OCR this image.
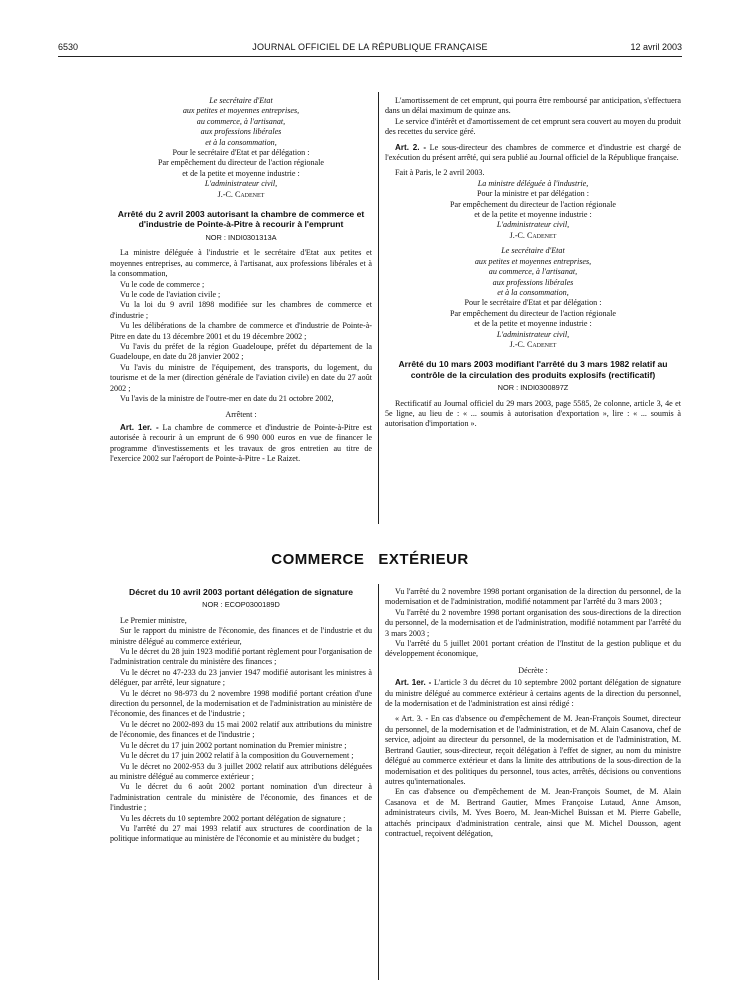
6530	JOURNAL OFFICIEL DE LA RÉPUBLIQUE FRANÇAISE	12 avril 2003

Le secrétaire d'Etat

aux petites et moyennes entreprises,

au commerce, à l'artisanat,

aux professions libérales

et à la consommation,

Pour le secrétaire d'Etat et par délégation :

Par empêchement du directeur de l'action régionale

et de la petite et moyenne industrie :

L'administrateur civil,

J.-C. Cadenet

Arrêté du 2 avril 2003 autorisant la chambre de commerce et d'industrie de Pointe-à-Pitre à recourir à l'emprunt
NOR : INDI0301313A

La ministre déléguée à l'industrie et le secrétaire d'Etat aux petites et moyennes entreprises, au commerce, à l'artisanat, aux professions libérales et à la consommation,

Vu le code de commerce ;

Vu le code de l'aviation civile ;

Vu la loi du 9 avril 1898 modifiée sur les chambres de commerce et d'industrie ;

Vu les délibérations de la chambre de commerce et d'industrie de Pointe-à-Pitre en date du 13 décembre 2001 et du 19 décembre 2002 ;

Vu l'avis du préfet de la région Guadeloupe, préfet du département de la Guadeloupe, en date du 28 janvier 2002 ;

Vu l'avis du ministre de l'équipement, des transports, du logement, du tourisme et de la mer (direction générale de l'aviation civile) en date du 27 août 2002 ;

Vu l'avis de la ministre de l'outre-mer en date du 21 octobre 2002,

Arrêtent :

Art. 1er. - La chambre de commerce et d'industrie de Pointe-à-Pitre est autorisée à recourir à un emprunt de 6 990 000 euros en vue de financer le programme d'investissements et les travaux de gros entretien au titre de l'exercice 2002 sur l'aéroport de Pointe-à-Pitre - Le Raizet.

L'amortissement de cet emprunt, qui pourra être remboursé par anticipation, s'effectuera dans un délai maximum de quinze ans.

Le service d'intérêt et d'amortissement de cet emprunt sera couvert au moyen du produit des recettes du service géré.

Art. 2. - Le sous-directeur des chambres de commerce et d'industrie est chargé de l'exécution du présent arrêté, qui sera publié au Journal officiel de la République française.

Fait à Paris, le 2 avril 2003.

La ministre déléguée à l'industrie,

Pour la ministre et par délégation :

Par empêchement du directeur de l'action régionale

et de la petite et moyenne industrie :

L'administrateur civil,

J.-C. Cadenet

Le secrétaire d'Etat

aux petites et moyennes entreprises,

au commerce, à l'artisanat,

aux professions libérales

et à la consommation,

Pour le secrétaire d'Etat et par délégation :

Par empêchement du directeur de l'action régionale

et de la petite et moyenne industrie :

L'administrateur civil,

J.-C. Cadenet

Arrêté du 10 mars 2003 modifiant l'arrêté du 3 mars 1982 relatif au contrôle de la circulation des produits explosifs (rectificatif)
NOR : INDI0300897Z

Rectificatif au Journal officiel du 29 mars 2003, page 5585, 2e colonne, article 3, 4e et 5e ligne, au lieu de : « ... soumis à autorisation d'exportation », lire : « ... soumis à autorisation d'importation ».

COMMERCE EXTÉRIEUR
Décret du 10 avril 2003 portant délégation de signature
NOR : ECOP0300189D

Le Premier ministre,

Sur le rapport du ministre de l'économie, des finances et de l'industrie et du ministre délégué au commerce extérieur,

Vu le décret du 28 juin 1923 modifié portant règlement pour l'organisation de l'administration centrale du ministère des finances ;

Vu le décret no 47-233 du 23 janvier 1947 modifié autorisant les ministres à déléguer, par arrêté, leur signature ;

Vu le décret no 98-973 du 2 novembre 1998 modifié portant création d'une direction du personnel, de la modernisation et de l'administration au ministère de l'économie, des finances et de l'industrie ;

Vu le décret no 2002-893 du 15 mai 2002 relatif aux attributions du ministre de l'économie, des finances et de l'industrie ;

Vu le décret du 17 juin 2002 portant nomination du Premier ministre ;

Vu le décret du 17 juin 2002 relatif à la composition du Gouvernement ;

Vu le décret no 2002-953 du 3 juillet 2002 relatif aux attributions déléguées au ministre délégué au commerce extérieur ;

Vu le décret du 6 août 2002 portant nomination d'un directeur à l'administration centrale du ministère de l'économie, des finances et de l'industrie ;

Vu les décrets du 10 septembre 2002 portant délégation de signature ;

Vu l'arrêté du 27 mai 1993 relatif aux structures de coordination de la politique informatique au ministère de l'économie et au ministère du budget ;

Vu l'arrêté du 2 novembre 1998 portant organisation de la direction du personnel, de la modernisation et de l'administration, modifié notamment par l'arrêté du 3 mars 2003 ;

Vu l'arrêté du 2 novembre 1998 portant organisation des sous-directions de la direction du personnel, de la modernisation et de l'administration, modifié notamment par l'arrêté du 3 mars 2003 ;

Vu l'arrêté du 5 juillet 2001 portant création de l'Institut de la gestion publique et du développement économique,

Décrète :

Art. 1er. - L'article 3 du décret du 10 septembre 2002 portant délégation de signature du ministre délégué au commerce extérieur à certains agents de la direction du personnel, de la modernisation et de l'administration est ainsi rédigé :

« Art. 3. - En cas d'absence ou d'empêchement de M. Jean-François Soumet, directeur du personnel, de la modernisation et de l'administration, et de M. Alain Casanova, chef de service, adjoint au directeur du personnel, de la modernisation et de l'administration, M. Bertrand Gautier, sous-directeur, reçoit délégation à l'effet de signer, au nom du ministre délégué au commerce extérieur et dans la limite des attributions de la sous-direction de la modernisation et des politiques du personnel, tous actes, arrêtés, décisions ou conventions autres qu'internationales.

En cas d'absence ou d'empêchement de M. Jean-François Soumet, de M. Alain Casanova et de M. Bertrand Gautier, Mmes Françoise Lutaud, Anne Amson, administrateurs civils, M. Yves Boero, M. Jean-Michel Buissan et M. Pierre Gabelle, attachés principaux d'administration centrale, ainsi que M. Michel Dousson, agent contractuel, reçoivent délégation,
